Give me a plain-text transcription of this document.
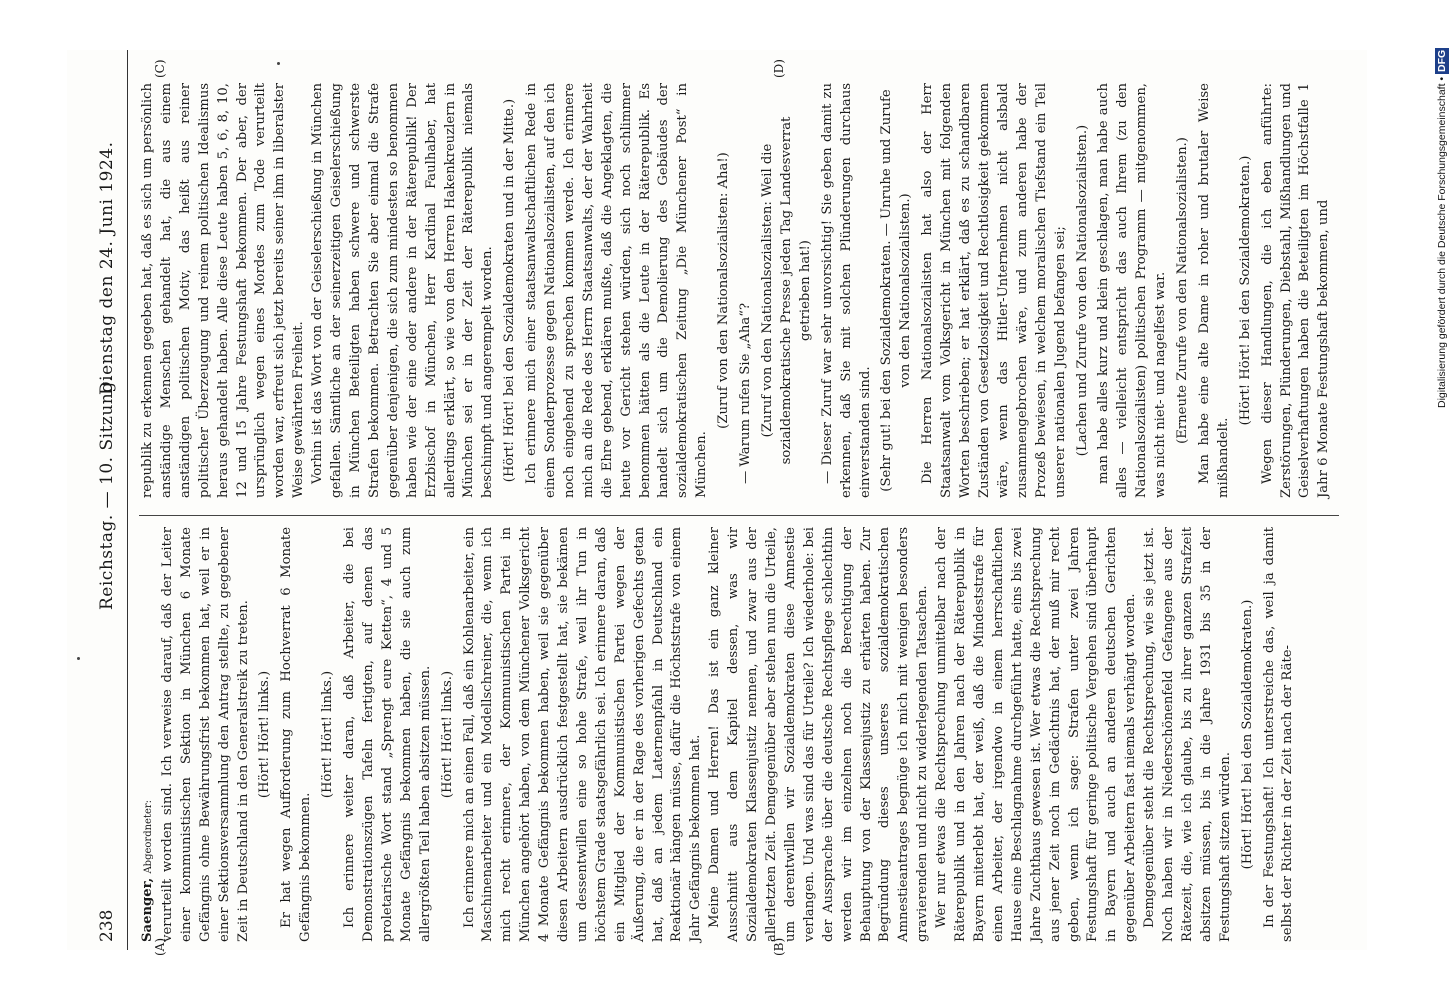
238
Reichstag. — 10. Sitzung.
Dienstag den 24. Juni 1924.
(A)	(B)
(C)	(D)

Saenger, Abgeordneter: verurteilt worden sind. Ich verweise darauf, daß der Leiter einer kommunistischen Sektion in München 6 Monate Gefängnis ohne Bewährungsfrist bekommen hat, weil er in einer Sektionsversammlung den Antrag stellte, zu gegebener Zeit in Deutschland in den Generalstreik zu treten. (Hört! Hört! links.) Er hat wegen Aufforderung zum Hochverrat 6 Monate Gefängnis bekommen.

(Hört! Hört! links.) Ich erinnere weiter daran, daß Arbeiter, die bei Demonstrationszügen Tafeln fertigten, auf denen das proletarische Wort stand „Sprengt eure Ketten“, 4 und 5 Monate Gefängnis bekommen haben, die sie auch zum allergrößten Teil haben absitzen müssen. (Hört! Hört! links.) Ich erinnere mich an einen Fall, daß ein Kohlenarbeiter, ein Maschinenarbeiter und ein Modellschreiner, die, wenn ich mich recht erinnere, der Kommunistischen Partei in München angehört haben, von dem Münchener Volksgericht 4 Monate Gefängnis bekommen haben, weil sie gegenüber diesen Arbeitern ausdrücklich festgestellt hat, sie bekämen um dessentwillen eine so hohe Strafe, weil ihr Tun in höchstem Grade staatsgefährlich sei. Ich erinnere daran, daß ein Mitglied der Kommunistischen Partei wegen der Äußerung, die er in der Rage des vorherigen Gefechts getan hat, daß an jedem Laternenpfahl in Deutschland ein Reaktionär hängen müsse, dafür die Höchststrafe von einem Jahr Gefängnis bekommen hat. Meine Damen und Herren! Das ist ein ganz kleiner Ausschnitt aus dem Kapitel dessen, was wir Sozialdemokraten Klassenjustiz nennen, und zwar aus der allerletzten Zeit. Demgegenüber aber stehen nun die Urteile, um derentwillen wir Sozialdemokraten diese Amnestie verlangen. Und was sind das für Urteile? Ich wiederhole: bei der Aussprache über die deutsche Rechtspflege schlechthin werden wir im einzelnen noch die Berechtigung der Behauptung von der Klassenjustiz zu erhärten haben. Zur Begründung dieses unseres sozialdemokratischen Amnestieantrages begnüge ich mich mit wenigen besonders gravierenden und nicht zu widerlegenden Tatsachen. Wer nur etwas die Rechtsprechung unmittelbar nach der Räterepublik und in den Jahren nach der Räterepublik in Bayern miterlebt hat, der weiß, daß die Mindeststrafe für einen Arbeiter, der irgendwo in einem herrschaftlichen Hause eine Beschlagnahme durchgeführt hatte, eins bis zwei Jahre Zuchthaus gewesen ist. Wer etwas die Rechtsprechung aus jener Zeit noch im Gedächtnis hat, der muß mir recht geben, wenn ich sage: Strafen unter zwei Jahren Festungshaft für geringe politische Vergehen sind überhaupt in Bayern und auch an anderen deutschen Gerichten gegenüber Arbeitern fast niemals verhängt worden. Demgegenüber steht die Rechtsprechung, wie sie jetzt ist. Noch haben wir in Niederschönenfeld Gefangene aus der Rätezeit, die, wie ich glaube, bis zu ihrer ganzen Strafzeit absitzen müssen, bis in die Jahre 1931 bis 35 in der Festungshaft sitzen würden. (Hört! Hört! bei den Sozialdemokraten.) In der Festungshaft! Ich unterstreiche das, weil ja damit selbst der Richter in der Zeit nach der Räte-

republik zu erkennen gegeben hat, daß es sich um persönlich anständige Menschen gehandelt hat, die aus einem anständigen politischen Motiv, das heißt aus reiner politischer Überzeugung und reinem politischen Idealismus heraus gehandelt haben. Alle diese Leute haben 5, 6, 8, 10, 12 und 15 Jahre Festungshaft bekommen. Der aber, der ursprünglich wegen eines Mordes zum Tode verurteilt worden war, erfreut sich jetzt bereits seiner ihm in liberalster Weise gewährten Freiheit. Vorhin ist das Wort von der Geiselerschießung in München gefallen. Sämtliche an der seinerzeitigen Geiselerschießung in München Beteiligten haben schwere und schwerste Strafen bekommen. Betrachten Sie aber einmal die Strafe gegenüber denjenigen, die sich zum mindesten so benommen haben wie der eine oder andere in der Räterepublik! Der Erzbischof in München, Herr Kardinal Faulhaber, hat allerdings erklärt, so wie von den Herren Hakenkreuzlern in München sei er in der Zeit der Räterepublik niemals beschimpft und angerempelt worden. (Hört! Hört! bei den Sozialdemokraten und in der Mitte.) Ich erinnere mich einer staatsanwaltschaftlichen Rede in einem Sonderprozesse gegen Nationalsozialisten, auf den ich noch eingehend zu sprechen kommen werde. Ich erinnere mich an die Rede des Herrn Staatsanwalts, der der Wahrheit die Ehre gebend, erklären mußte, daß die Angeklagten, die heute vor Gericht stehen würden, sich noch schlimmer benommen hätten als die Leute in der Räterepublik. Es handelt sich um die Demolierung des Gebäudes der sozialdemokratischen Zeitung „Die Münchener Post“ in München.

(Zuruf von den Nationalsozialisten: Aha!) — Warum rufen Sie „Aha“? (Zuruf von den Nationalsozialisten: Weil die sozialdemokratische Presse jeden Tag Landesverrat getrieben hat!) — Dieser Zuruf war sehr unvorsichtig! Sie geben damit zu erkennen, daß Sie mit solchen Plünderungen durchaus einverstanden sind. (Sehr gut! bei den Sozialdemokraten. — Unruhe und Zurufe von den Nationalsozialisten.) Die Herren Nationalsozialisten hat also der Herr Staatsanwalt vom Volksgericht in München mit folgenden Worten beschrieben; er hat erklärt, daß es zu schandbaren Zuständen von Gesetzlosigkeit und Rechtlosigkeit gekommen wäre, wenn das Hitler-Unternehmen nicht alsbald zusammengebrochen wäre, und zum anderen habe der Prozeß bewiesen, in welchem moralischen Tiefstand ein Teil unserer nationalen Jugend befangen sei; (Lachen und Zurufe von den Nationalsozialisten.) man habe alles kurz und klein geschlagen, man habe auch alles — vielleicht entspricht das auch Ihrem (zu den Nationalsozialisten) politischen Programm — mitgenommen, was nicht niet- und nagelfest war. (Erneute Zurufe von den Nationalsozialisten.) Man habe eine alte Dame in roher und brutaler Weise mißhandelt.

(Hört! Hört! bei den Sozialdemokraten.) Wegen dieser Handlungen, die ich eben anführte: Zerstörungen, Plünderungen, Diebstahl, Mißhandlungen und Geiselverhaftungen haben die Beteiligten im Höchstfalle 1 Jahr 6 Monate Festungshaft bekommen, und	Digitalisierung gefördert durch die Deutsche Forschungsgemeinschaft • DFG
